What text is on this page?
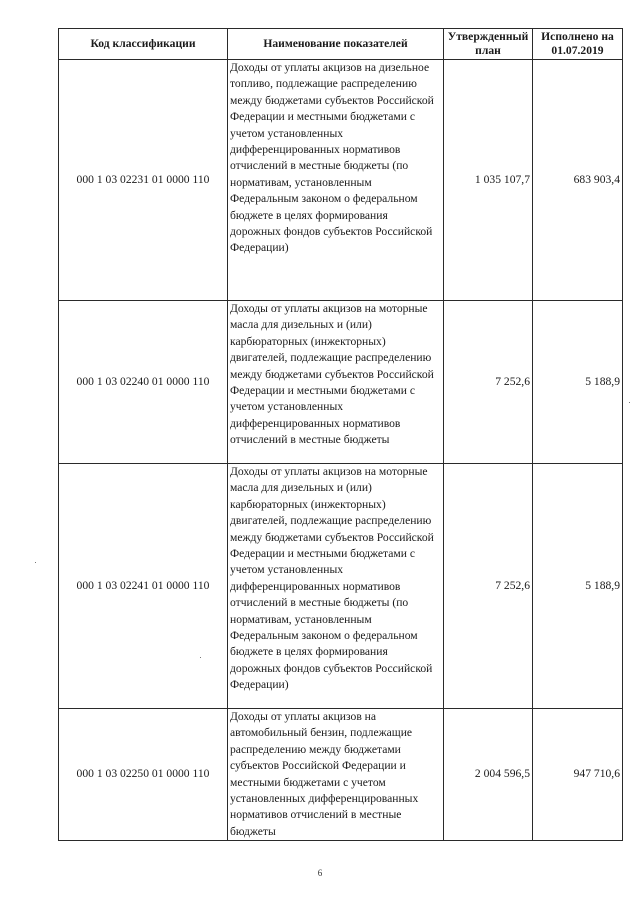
Код классификации	Наименование показателей	Утвержденный план	Исполнено на 01.07.2019
000 1 03 02231 01 0000 110	Доходы от уплаты акцизов на дизельное топливо, подлежащие распределению между бюджетами субъектов Российской Федерации и местными бюджетами с учетом установленных дифференцированных нормативов отчислений в местные бюджеты (по нормативам, установленным Федеральным законом о федеральном бюджете в целях формирования дорожных фондов субъектов Российской Федерации)	1 035 107,7	683 903,4
000 1 03 02240 01 0000 110	Доходы от уплаты акцизов на моторные масла для дизельных и (или) карбюраторных (инжекторных) двигателей, подлежащие распределению между бюджетами субъектов Российской Федерации и местными бюджетами с учетом установленных дифференцированных нормативов отчислений в местные бюджеты	7 252,6	5 188,9
000 1 03 02241 01 0000 110	Доходы от уплаты акцизов на моторные масла для дизельных и (или) карбюраторных (инжекторных) двигателей, подлежащие распределению между бюджетами субъектов Российской Федерации и местными бюджетами с учетом установленных дифференцированных нормативов отчислений в местные бюджеты (по нормативам, установленным Федеральным законом о федеральном бюджете в целях формирования дорожных фондов субъектов Российской Федерации)	7 252,6	5 188,9
000 1 03 02250 01 0000 110	Доходы от уплаты акцизов на автомобильный бензин, подлежащие распределению между бюджетами субъектов Российской Федерации и местными бюджетами с учетом установленных дифференцированных нормативов отчислений в местные бюджеты	2 004 596,5	947 710,6
6
